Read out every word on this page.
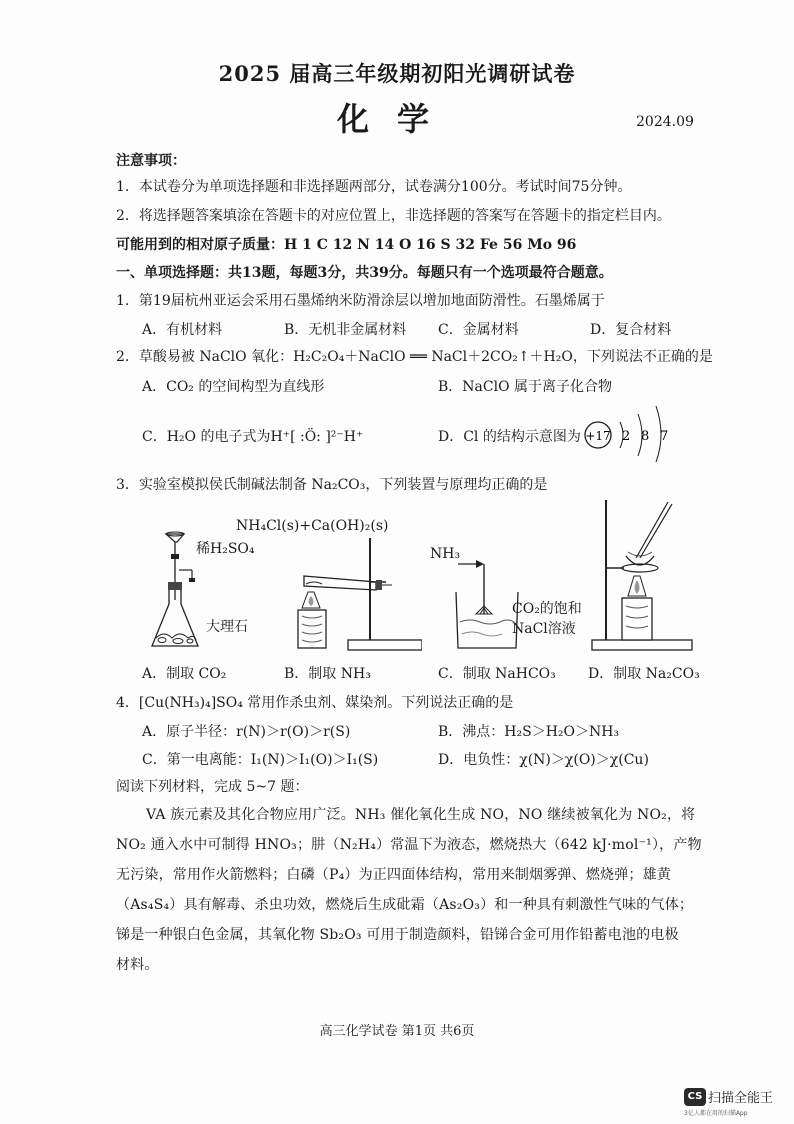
2025 届高三年级期初阳光调研试卷
化学	2024.09
注意事项：
1．本试卷分为单项选择题和非选择题两部分，试卷满分100分。考试时间75分钟。
2．将选择题答案填涂在答题卡的对应位置上，非选择题的答案写在答题卡的指定栏目内。
可能用到的相对原子质量：H 1 C 12 N 14 O 16 S 32 Fe 56 Mo 96
一、单项选择题：共13题，每题3分，共39分。每题只有一个选项最符合题意。
1．第19届杭州亚运会采用石墨烯纳米防滑涂层以增加地面防滑性。石墨烯属于
A．有机材料	B．无机非金属材料 C．金属材料	D．复合材料
2．草酸易被 NaClO 氧化：H₂C₂O₄＋NaClO ══ NaCl＋2CO₂↑＋H₂O，下列说法不正确的是
A．CO₂ 的空间构型为直线形	B．NaClO 属于离子化合物
C．H₂O 的电子式为H⁺[ :Ö: ]²⁻H⁺	D．Cl 的结构示意图为 +17 2 8 7
3．实验室模拟侯氏制碱法制备 Na₂CO₃，下列装置与原理均正确的是
稀H₂SO₄
大理石
NH₄Cl(s)+Ca(OH)₂(s)
NH₃
CO₂的饱和
NaCl溶液
A．制取 CO₂	B．制取 NH₃	C．制取 NaHCO₃ D．制取 Na₂CO₃
4．[Cu(NH₃)₄]SO₄ 常用作杀虫剂、媒染剂。下列说法正确的是
A．原子半径：r(N)＞r(O)＞r(S)	B．沸点：H₂S＞H₂O＞NH₃
C．第一电离能：I₁(N)＞I₁(O)＞I₁(S)	D．电负性：χ(N)＞χ(O)＞χ(Cu)
阅读下列材料，完成 5~7 题：
VA 族元素及其化合物应用广泛。NH₃ 催化氧化生成 NO，NO 继续被氧化为 NO₂，将
NO₂ 通入水中可制得 HNO₃；肼（N₂H₄）常温下为液态，燃烧热大（642 kJ·mol⁻¹），产物
无污染，常用作火箭燃料；白磷（P₄）为正四面体结构，常用来制烟雾弹、燃烧弹；雄黄
（As₄S₄）具有解毒、杀虫功效，燃烧后生成砒霜（As₂O₃）和一种具有刺激性气味的气体；
锑是一种银白色金属，其氧化物 Sb₂O₃ 可用于制造颜料，铅锑合金可用作铅蓄电池的电极
材料。
高三化学试卷 第1页 共6页
CS 扫描全能王
3亿人都在用的扫描App
